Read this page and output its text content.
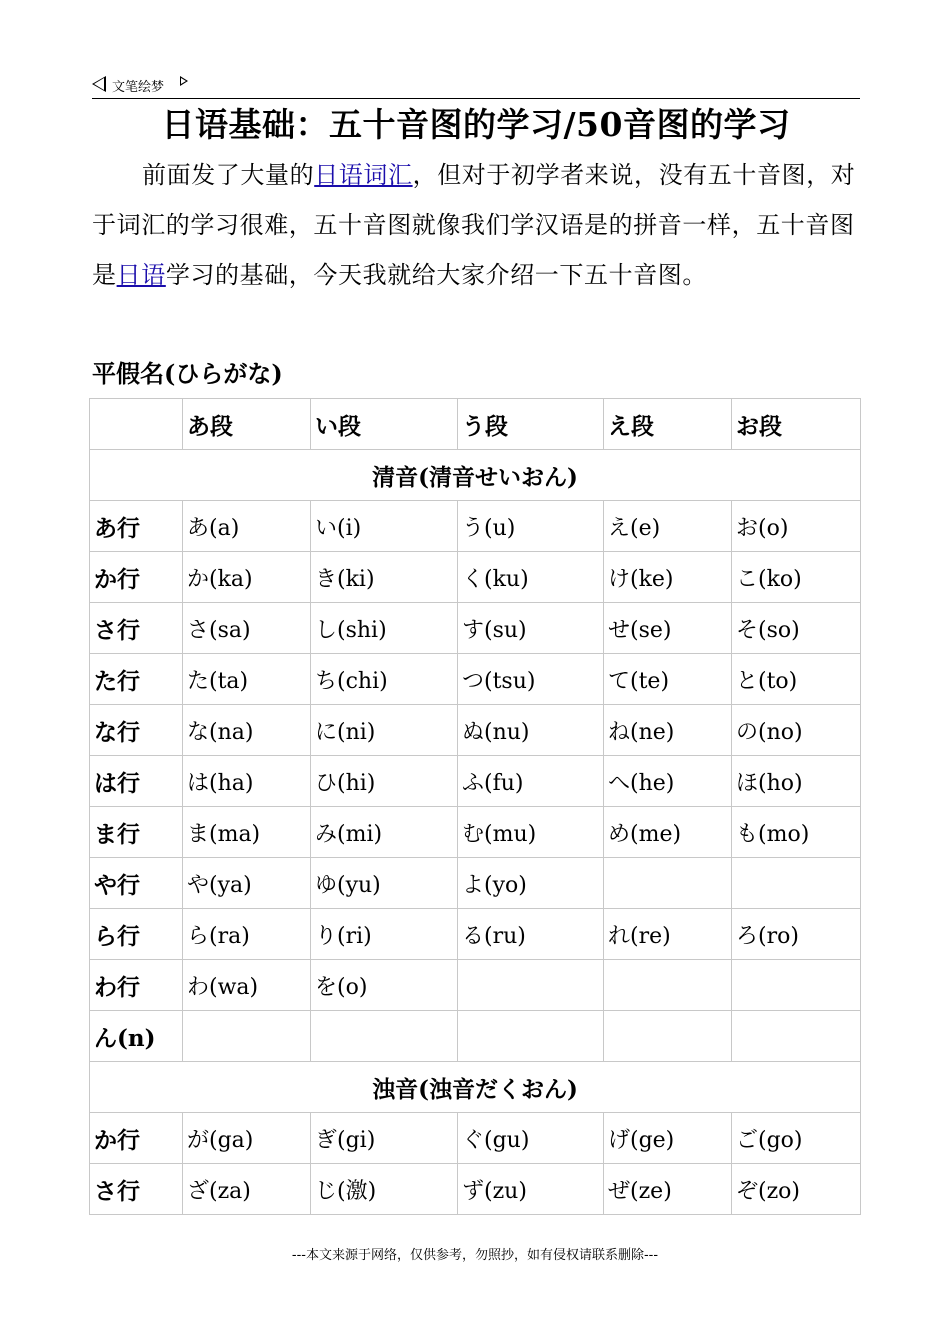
文笔绘梦
日语基础：五十音图的学习/50音图的学习

前面发了大量的日语词汇，但对于初学者来说，没有五十音图，对于词汇的学习很难，五十音图就像我们学汉语是的拼音一样，五十音图是日语学习的基础，今天我就给大家介绍一下五十音图。

平假名(ひらがな)
	あ段	い段	う段	え段	お段
清音(清音せいおん)					
あ行	あ(a)	い(i)	う(u)	え(e)	お(o)
か行	か(ka)	き(ki)	く(ku)	け(ke)	こ(ko)
さ行	さ(sa)	し(shi)	す(su)	せ(se)	そ(so)
た行	た(ta)	ち(chi)	つ(tsu)	て(te)	と(to)
な行	な(na)	に(ni)	ぬ(nu)	ね(ne)	の(no)
は行	は(ha)	ひ(hi)	ふ(fu)	へ(he)	ほ(ho)
ま行	ま(ma)	み(mi)	む(mu)	め(me)	も(mo)
や行	や(ya)	ゆ(yu)	よ(yo)		
ら行	ら(ra)	り(ri)	る(ru)	れ(re)	ろ(ro)
わ行	わ(wa)	を(o)			
ん(n)					
浊音(浊音だくおん)					
か行	が(ga)	ぎ(gi)	ぐ(gu)	げ(ge)	ご(go)
さ行	ざ(za)	じ(激)	ず(zu)	ぜ(ze)	ぞ(zo)
---本文来源于网络，仅供参考，勿照抄，如有侵权请联系删除---
